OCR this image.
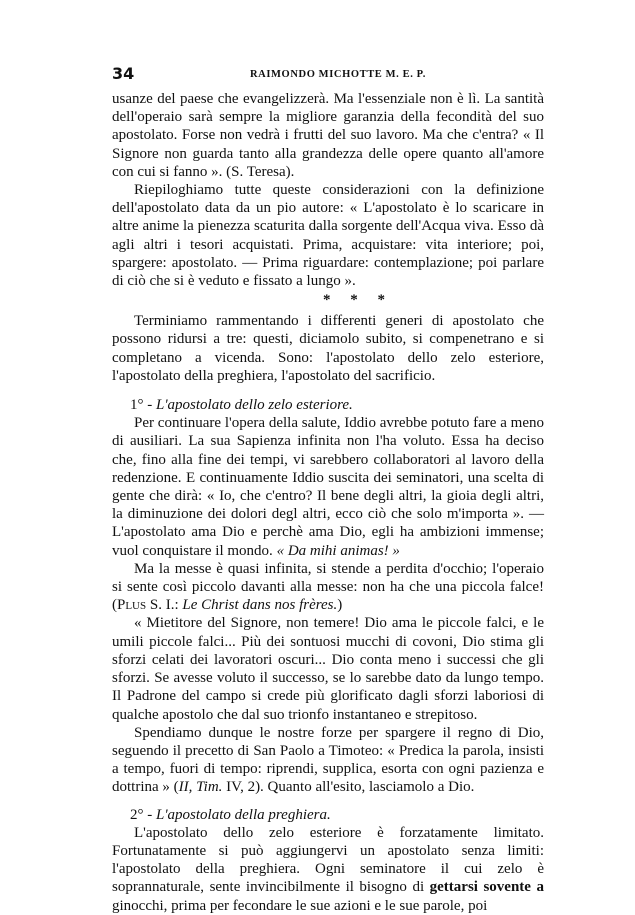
34	RAIMONDO MICHOTTE M. E. P.

usanze del paese che evangelizzerà. Ma l'essenziale non è lì. La santità dell'operaio sarà sempre la migliore garanzia della fecondità del suo apostolato. Forse non vedrà i frutti del suo lavoro. Ma che c'entra? « Il Signore non guarda tanto alla grandezza delle opere quanto all'amore con cui si fanno ». (S. Teresa).

Riepiloghiamo tutte queste considerazioni con la definizione dell'apostolato data da un pio autore: « L'apostolato è lo scaricare in altre anime la pienezza scaturita dalla sorgente dell'Acqua viva. Esso dà agli altri i tesori acquistati. Prima, acquistare: vita interiore; poi, spargere: apostolato. — Prima riguardare: contemplazione; poi parlare di ciò che si è veduto e fissato a lungo ».

* * *

Terminiamo rammentando i differenti generi di apostolato che possono ridursi a tre: questi, diciamolo subito, si compenetrano e si completano a vicenda. Sono: l'apostolato dello zelo esteriore, l'apostolato della preghiera, l'apostolato del sacrificio.

1° - L'apostolato dello zelo esteriore.

Per continuare l'opera della salute, Iddio avrebbe potuto fare a meno di ausiliari. La sua Sapienza infinita non l'ha voluto. Essa ha deciso che, fino alla fine dei tempi, vi sarebbero collaboratori al lavoro della redenzione. E continuamente Iddio suscita dei seminatori, una scelta di gente che dirà: « Io, che c'entro? Il bene degli altri, la gioia degli altri, la diminuzione dei dolori degl altri, ecco ciò che solo m'importa ». — L'apostolato ama Dio e perchè ama Dio, egli ha ambizioni immense; vuol conquistare il mondo. « Da mihi animas! »

Ma la messe è quasi infinita, si stende a perdita d'occhio; l'operaio si sente così piccolo davanti alla messe: non ha che una piccola falce! (Plus S. I.: Le Christ dans nos frères.)

« Mietitore del Signore, non temere! Dio ama le piccole falci, e le umili piccole falci... Più dei sontuosi mucchi di covoni, Dio stima gli sforzi celati dei lavoratori oscuri... Dio conta meno i successi che gli sforzi. Se avesse voluto il successo, se lo sarebbe dato da lungo tempo. Il Padrone del campo si crede più glorificato dagli sforzi laboriosi di qualche apostolo che dal suo trionfo instantaneo e strepitoso.

Spendiamo dunque le nostre forze per spargere il regno di Dio, seguendo il precetto di San Paolo a Timoteo: « Predica la parola, insisti a tempo, fuori di tempo: riprendi, supplica, esorta con ogni pazienza e dottrina » (II, Tim. IV, 2). Quanto all'esito, lasciamolo a Dio.

2° - L'apostolato della preghiera.

L'apostolato dello zelo esteriore è forzatamente limitato. Fortunatamente si può aggiungervi un apostolato senza limiti: l'apostolato della preghiera. Ogni seminatore il cui zelo è soprannaturale, sente invincibilmente il bisogno di gettarsi sovente a ginocchi, prima per fecondare le sue azioni e le sue parole, poi
